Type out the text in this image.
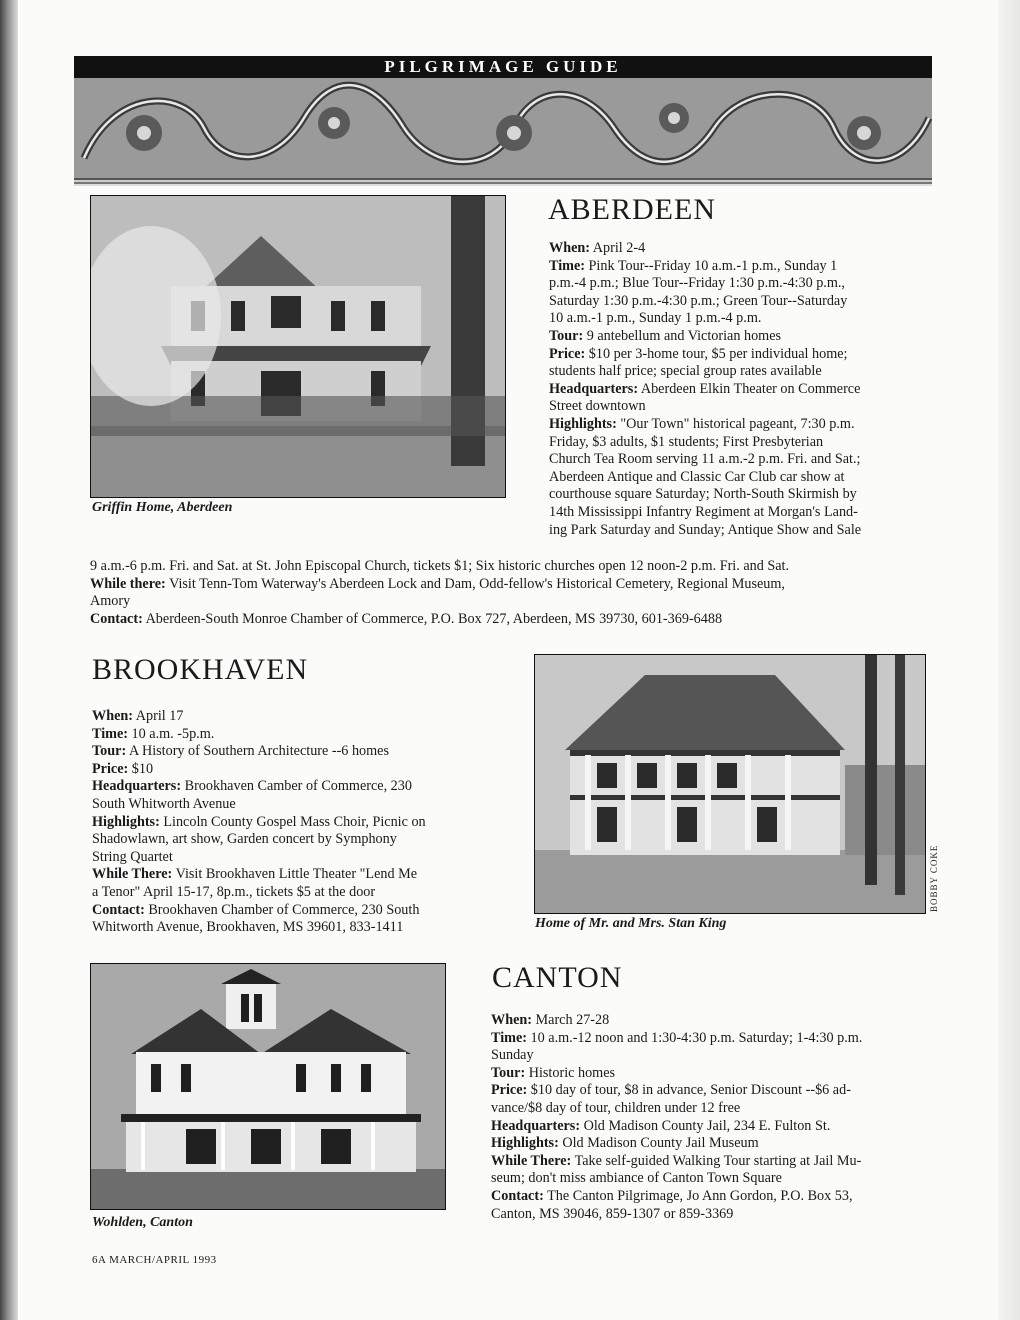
PILGRIMAGE GUIDE
Griffin Home, Aberdeen
ABERDEEN

When: April 2-4

Time: Pink Tour--Friday 10 a.m.-1 p.m., Sunday 1

p.m.-4 p.m.; Blue Tour--Friday 1:30 p.m.-4:30 p.m.,

Saturday 1:30 p.m.-4:30 p.m.; Green Tour--Saturday

10 a.m.-1 p.m., Sunday 1 p.m.-4 p.m.

Tour: 9 antebellum and Victorian homes

Price: $10 per 3-home tour, $5 per individual home;

students half price; special group rates available

Headquarters: Aberdeen Elkin Theater on Commerce

Street downtown

Highlights: "Our Town" historical pageant, 7:30 p.m.

Friday, $3 adults, $1 students; First Presbyterian

Church Tea Room serving 11 a.m.-2 p.m. Fri. and Sat.;

Aberdeen Antique and Classic Car Club car show at

courthouse square Saturday; North-South Skirmish by

14th Mississippi Infantry Regiment at Morgan's Land-

ing Park Saturday and Sunday; Antique Show and Sale

9 a.m.-6 p.m. Fri. and Sat. at St. John Episcopal Church, tickets $1; Six historic churches open 12 noon-2 p.m. Fri. and Sat.
While there: Visit Tenn-Tom Waterway's Aberdeen Lock and Dam, Odd-fellow's Historical Cemetery, Regional Museum,
Amory
Contact: Aberdeen-South Monroe Chamber of Commerce, P.O. Box 727, Aberdeen, MS 39730, 601-369-6488
BROOKHAVEN

When: April 17

Time: 10 a.m. -5p.m.

Tour: A History of Southern Architecture --6 homes

Price: $10

Headquarters: Brookhaven Camber of Commerce, 230

South Whitworth Avenue

Highlights: Lincoln County Gospel Mass Choir, Picnic on

Shadowlawn, art show, Garden concert by Symphony

String Quartet

While There: Visit Brookhaven Little Theater "Lend Me

a Tenor" April 15-17, 8p.m., tickets $5 at the door

Contact: Brookhaven Chamber of Commerce, 230 South

Whitworth Avenue, Brookhaven, MS 39601, 833-1411	Home of Mr. and Mrs. Stan King
BOBBY COKE
Wohlden, Canton
CANTON

When: March 27-28

Time: 10 a.m.-12 noon and 1:30-4:30 p.m. Saturday; 1-4:30 p.m.

Sunday

Tour: Historic homes

Price: $10 day of tour, $8 in advance, Senior Discount --$6 ad-

vance/$8 day of tour, children under 12 free

Headquarters: Old Madison County Jail, 234 E. Fulton St.

Highlights: Old Madison County Jail Museum

While There: Take self-guided Walking Tour starting at Jail Mu-

seum; don't miss ambiance of Canton Town Square

Contact: The Canton Pilgrimage, Jo Ann Gordon, P.O. Box 53,

Canton, MS 39046, 859-1307 or 859-3369

6A MARCH/APRIL 1993
